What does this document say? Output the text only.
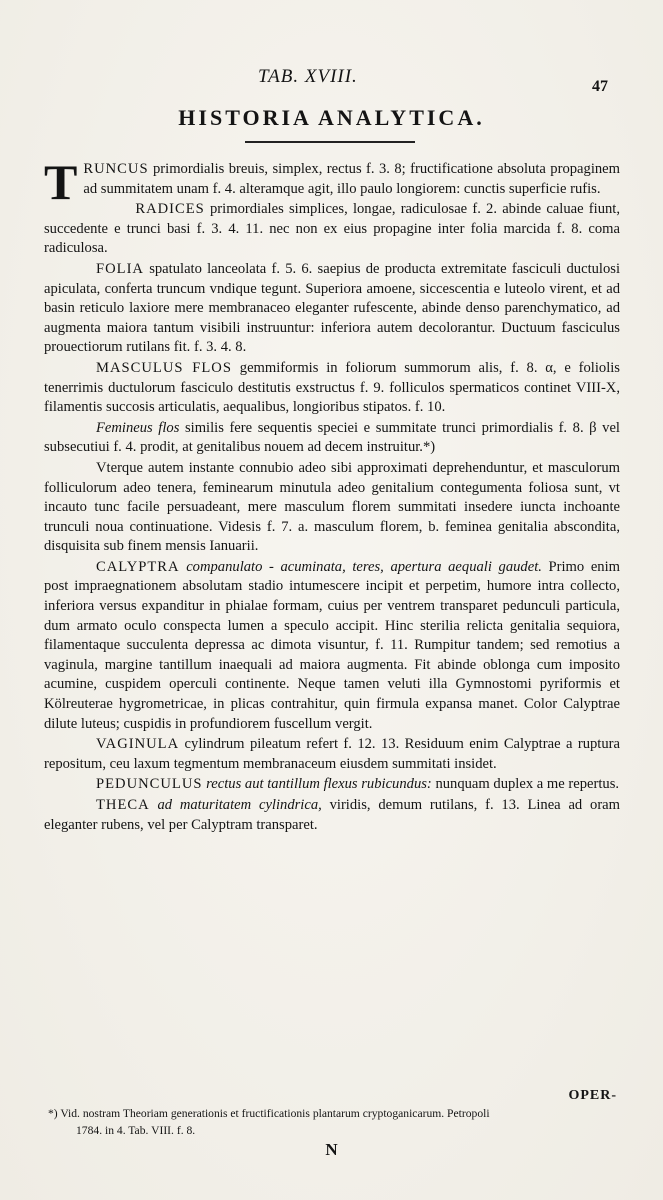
TAB. XVIII.	47
HISTORIA ANALYTICA.

TRUNCUS primordialis breuis, simplex, rectus f. 3. 8; fructificatione absoluta propaginem ad summitatem unam f. 4. alteramque agit, illo paulo longiorem: cunctis superficie rufis.

RADICES primordiales simplices, longae, radiculosae f. 2. abinde caluae fiunt, succedente e trunci basi f. 3. 4. 11. nec non ex eius propagine inter folia marcida f. 8. coma radiculosa.

FOLIA spatulato lanceolata f. 5. 6. saepius de producta extremitate fasciculi ductulosi apiculata, conferta truncum vndique tegunt. Superiora amoene, siccescentia e luteolo virent, et ad basin reticulo laxiore mere membranaceo eleganter rufescente, abinde denso parenchymatico, ad augmenta maiora tantum visibili instruuntur: inferiora autem decolorantur. Ductuum fasciculus prouectiorum rutilans fit. f. 3. 4. 8.

MASCULUS FLOS gemmiformis in foliorum summorum alis, f. 8. α, e foliolis tenerrimis ductulorum fasciculo destitutis exstructus f. 9. folliculos spermaticos continet VIII-X, filamentis succosis articulatis, aequalibus, longioribus stipatos. f. 10.

Femineus flos similis fere sequentis speciei e summitate trunci primordialis f. 8. β vel subsecutiui f. 4. prodit, at genitalibus nouem ad decem instruitur.*)

Vterque autem instante connubio adeo sibi approximati deprehenduntur, et masculorum folliculorum adeo tenera, feminearum minutula adeo genitalium contegumenta foliosa sunt, vt incauto tunc facile persuadeant, mere masculum florem summitati insedere iuncta inchoante trunculi noua continuatione. Videsis f. 7. a. masculum florem, b. feminea genitalia abscondita, disquisita sub finem mensis Ianuarii.

CALYPTRA companulato - acuminata, teres, apertura aequali gaudet. Primo enim post impraegnationem absolutam stadio intumescere incipit et perpetim, humore intra collecto, inferiora versus expanditur in phialae formam, cuius per ventrem transparet pedunculi particula, dum armato oculo conspecta lumen a speculo accipit. Hinc sterilia relicta genitalia sequiora, filamentaque succulenta depressa ac dimota visuntur, f. 11. Rumpitur tandem; sed remotius a vaginula, margine tantillum inaequali ad maiora augmenta. Fit abinde oblonga cum imposito acumine, cuspidem operculi continente. Neque tamen veluti illa Gymnostomi pyriformis et Kölreuterae hygrometricae, in plicas contrahitur, quin firmula expansa manet. Color Calyptrae dilute luteus; cuspidis in profundiorem fuscellum vergit.

VAGINULA cylindrum pileatum refert f. 12. 13. Residuum enim Calyptrae a ruptura repositum, ceu laxum tegmentum membranaceum eiusdem summitati insidet.

PEDUNCULUS rectus aut tantillum flexus rubicundus: nunquam duplex a me repertus.

THECA ad maturitatem cylindrica, viridis, demum rutilans, f. 13. Linea ad oram eleganter rubens, vel per Calyptram transparet.

OPER-
*) Vid. nostram Theoriam generationis et fructificationis plantarum cryptoganicarum. Petropoli
1784. in 4. Tab. VIII. f. 8.
N
